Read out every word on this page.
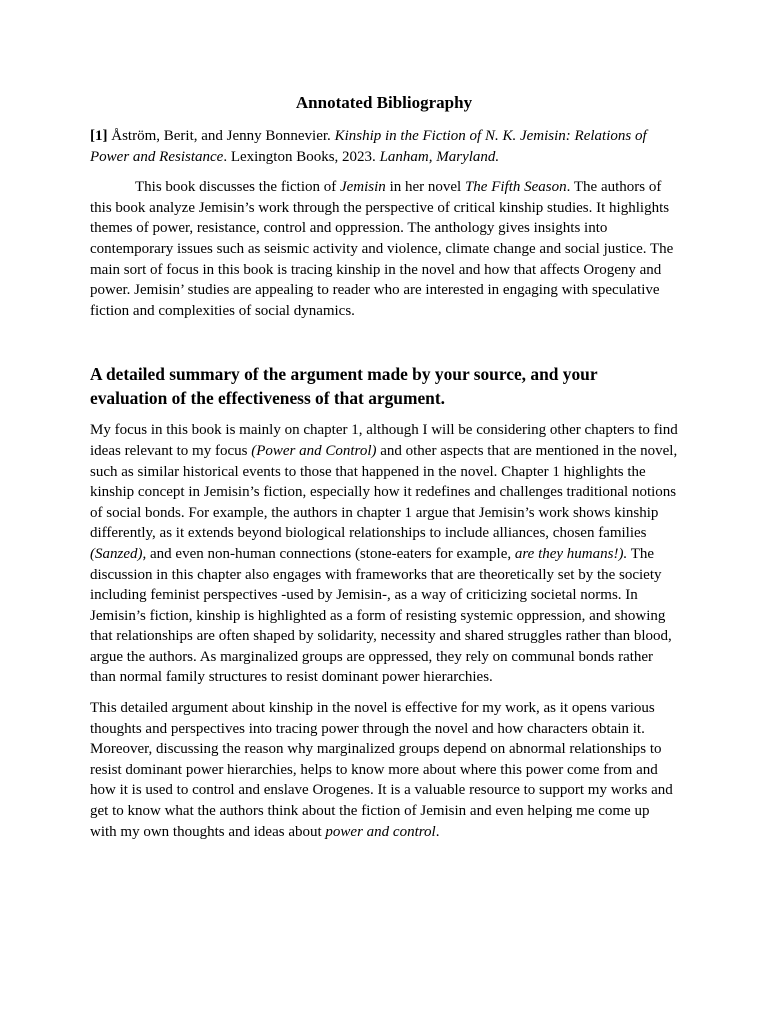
Annotated Bibliography

[1] Åström, Berit, and Jenny Bonnevier. Kinship in the Fiction of N. K. Jemisin: Relations of Power and Resistance. Lexington Books, 2023. Lanham, Maryland.

This book discusses the fiction of Jemisin in her novel The Fifth Season. The authors of this book analyze Jemisin’s work through the perspective of critical kinship studies. It highlights themes of power, resistance, control and oppression. The anthology gives insights into contemporary issues such as seismic activity and violence, climate change and social justice. The main sort of focus in this book is tracing kinship in the novel and how that affects Orogeny and power. Jemisin’ studies are appealing to reader who are interested in engaging with speculative fiction and complexities of social dynamics.

A detailed summary of the argument made by your source, and your evaluation of the effectiveness of that argument.

My focus in this book is mainly on chapter 1, although I will be considering other chapters to find ideas relevant to my focus (Power and Control) and other aspects that are mentioned in the novel, such as similar historical events to those that happened in the novel. Chapter 1 highlights the kinship concept in Jemisin’s fiction, especially how it redefines and challenges traditional notions of social bonds. For example, the authors in chapter 1 argue that Jemisin’s work shows kinship differently, as it extends beyond biological relationships to include alliances, chosen families (Sanzed), and even non-human connections (stone-eaters for example, are they humans!). The discussion in this chapter also engages with frameworks that are theoretically set by the society including feminist perspectives -used by Jemisin-, as a way of criticizing societal norms. In Jemisin’s fiction, kinship is highlighted as a form of resisting systemic oppression, and showing that relationships are often shaped by solidarity, necessity and shared struggles rather than blood, argue the authors. As marginalized groups are oppressed, they rely on communal bonds rather than normal family structures to resist dominant power hierarchies.

This detailed argument about kinship in the novel is effective for my work, as it opens various thoughts and perspectives into tracing power through the novel and how characters obtain it. Moreover, discussing the reason why marginalized groups depend on abnormal relationships to resist dominant power hierarchies, helps to know more about where this power come from and how it is used to control and enslave Orogenes. It is a valuable resource to support my works and get to know what the authors think about the fiction of Jemisin and even helping me come up with my own thoughts and ideas about power and control.
